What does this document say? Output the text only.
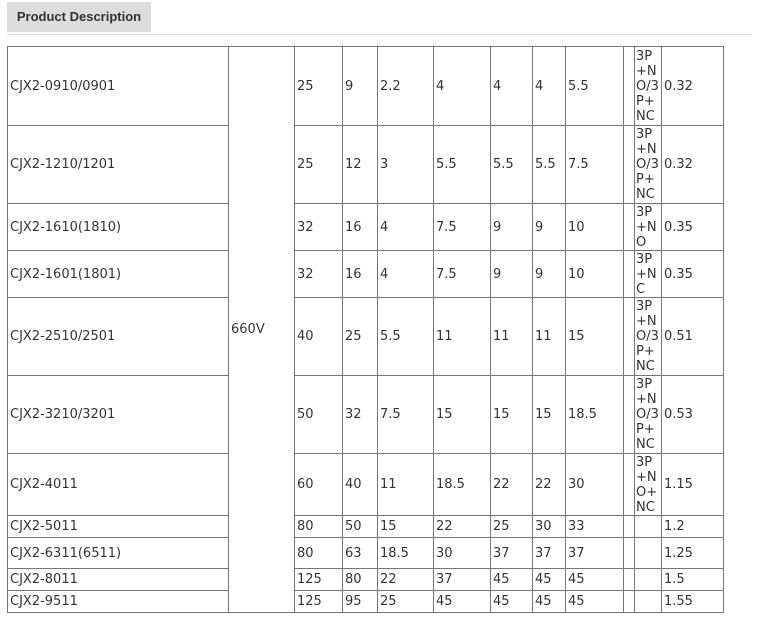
Product Description
CJX2-0910/0901	660V	25	9	2.2	4	4	4	5.5		3P+NO/3P+NC	0.32
CJX2-1210/1201		25	12	3	5.5	5.5	5.5	7.5		3P+NO/3P+NC	0.32
CJX2-1610(1810)		32	16	4	7.5	9	9	10		3P+NO	0.35
CJX2-1601(1801)		32	16	4	7.5	9	9	10		3P+NC	0.35
CJX2-2510/2501		40	25	5.5	11	11	11	15		3P+NO/3P+NC	0.51
CJX2-3210/3201		50	32	7.5	15	15	15	18.5		3P+NO/3P+NC	0.53
CJX2-4011		60	40	11	18.5	22	22	30		3P+NO+NC	1.15
CJX2-5011		80	50	15	22	25	30	33			1.2
CJX2-6311(6511)		80	63	18.5	30	37	37	37			1.25
CJX2-8011		125	80	22	37	45	45	45			1.5
CJX2-9511		125	95	25	45	45	45	45			1.55
